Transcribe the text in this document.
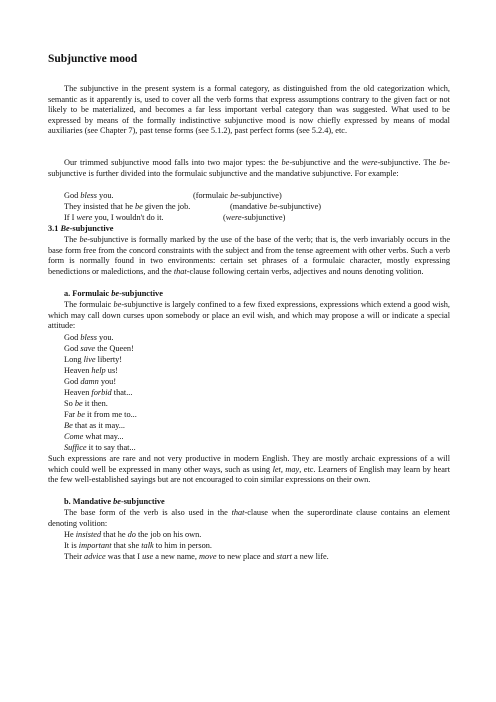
Subjunctive mood

The subjunctive in the present system is a formal category, as distinguished from the old categorization which, semantic as it apparently is, used to cover all the verb forms that express assumptions contrary to the given fact or not likely to be materialized, and becomes a far less important verbal category than was suggested. What used to be expressed by means of the formally indistinctive subjunctive mood is now chiefly expressed by means of modal auxiliaries (see Chapter 7), past tense forms (see 5.1.2), past perfect forms (see 5.2.4), etc.

Our trimmed subjunctive mood falls into two major types: the be-subjunctive and the were-subjunctive. The be-subjunctive is further divided into the formulaic subjunctive and the mandative subjunctive. For example:

God bless you.	(formulaic be-subjunctive)
They insisted that he be given the job.	(mandative be-subjunctive)
If I were you, I wouldn't do it.	(were-subjunctive)
3.1 Be-subjunctive

The be-subjunctive is formally marked by the use of the base of the verb; that is, the verb invariably occurs in the base form free from the concord constraints with the subject and from the tense agreement with other verbs. Such a verb form is normally found in two environments: certain set phrases of a formulaic character, mostly expressing benedictions or maledictions, and the that-clause following certain verbs, adjectives and nouns denoting volition.

a. Formulaic be-subjunctive

The formulaic be-subjunctive is largely confined to a few fixed expressions, expressions which extend a good wish, which may call down curses upon somebody or place an evil wish, and which may propose a will or indicate a special attitude:

God bless you.
God save the Queen!
Long live liberty!
Heaven help us!
God damn you!
Heaven forbid that...
So be it then.
Far be it from me to...
Be that as it may...
Come what may...
Suffice it to say that...

Such expressions are rare and not very productive in modern English. They are mostly archaic expressions of a will which could well be expressed in many other ways, such as using let, may, etc. Learners of English may learn by heart the few well-established sayings but are not encouraged to coin similar expressions on their own.

b. Mandative be-subjunctive

The base form of the verb is also used in the that-clause when the superordinate clause contains an element denoting volition:

He insisted that he do the job on his own.
It is important that she talk to him in person.
Their advice was that I use a new name, move to new place and start a new life.
